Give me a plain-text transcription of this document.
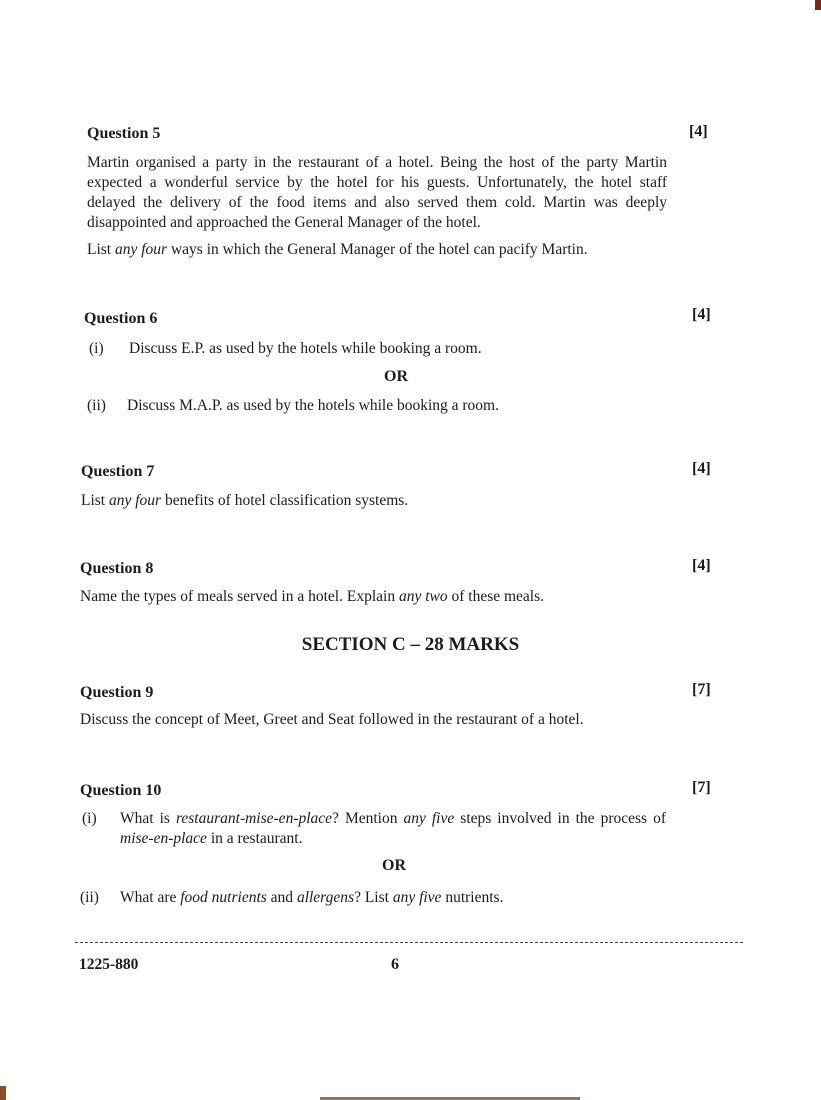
Question 5	[4]
Martin organised a party in the restaurant of a hotel. Being the host of the party Martin expected a wonderful service by the hotel for his guests. Unfortunately, the hotel staff delayed the delivery of the food items and also served them cold. Martin was deeply disappointed and approached the General Manager of the hotel.
List any four ways in which the General Manager of the hotel can pacify Martin.
Question 6	[4]
(i) Discuss E.P. as used by the hotels while booking a room.
OR
(ii) Discuss M.A.P. as used by the hotels while booking a room.
Question 7	[4]
List any four benefits of hotel classification systems.
Question 8	[4]
Name the types of meals served in a hotel. Explain any two of these meals.
SECTION C – 28 MARKS
Question 9	[7]
Discuss the concept of Meet, Greet and Seat followed in the restaurant of a hotel.
Question 10	[7]
(i) What is restaurant-mise-en-place? Mention any five steps involved in the process of mise-en-place in a restaurant.
OR
(ii) What are food nutrients and allergens? List any five nutrients.
1225-880	6
